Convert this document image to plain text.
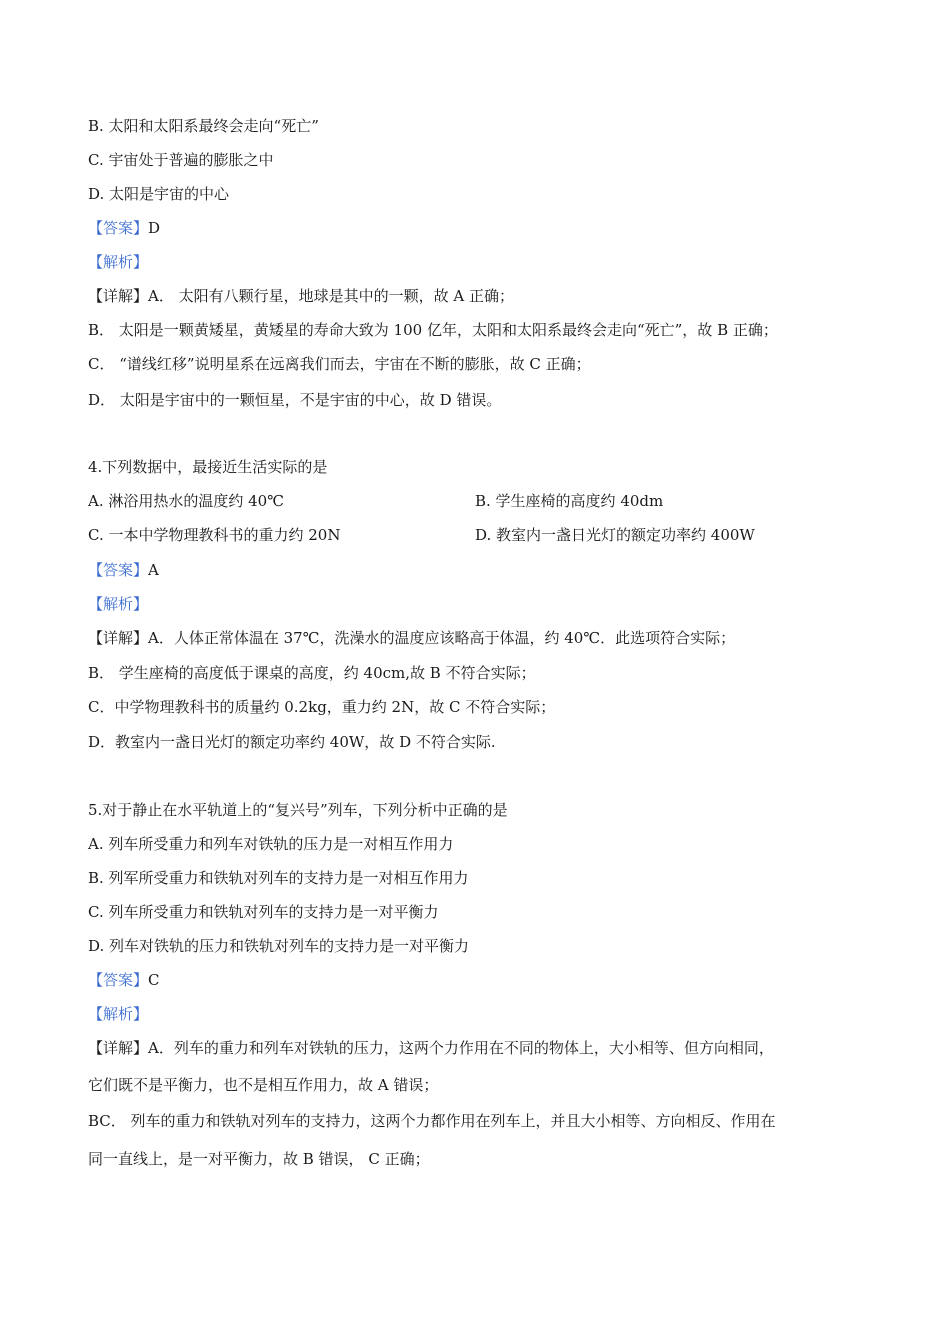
B. 太阳和太阳系最终会走向“死亡”
C. 宇宙处于普遍的膨胀之中
D. 太阳是宇宙的中心
【答案】D
【解析】
【详解】A． 太阳有八颗行星，地球是其中的一颗，故 A 正确；
B． 太阳是一颗黄矮星，黄矮星的寿命大致为 100 亿年，太阳和太阳系最终会走向“死亡”，故 B 正确；
C． “谱线红移”说明星系在远离我们而去，宇宙在不断的膨胀，故 C 正确；
D． 太阳是宇宙中的一颗恒星，不是宇宙的中心，故 D 错误。
4.下列数据中，最接近生活实际的是
A. 淋浴用热水的温度约 40℃	B. 学生座椅的高度约 40dm
C. 一本中学物理教科书的重力约 20N	D. 教室内一盏日光灯的额定功率约 400W
【答案】A
【解析】
【详解】A．人体正常体温在 37℃，洗澡水的温度应该略高于体温，约 40℃．此选项符合实际；
B． 学生座椅的高度低于课桌的高度，约 40cm,故 B 不符合实际；
C．中学物理教科书的质量约 0.2kg，重力约 2N，故 C 不符合实际；
D．教室内一盏日光灯的额定功率约 40W，故 D 不符合实际.
5.对于静止在水平轨道上的“复兴号”列车，下列分析中正确的是
A. 列车所受重力和列车对铁轨的压力是一对相互作用力
B. 列军所受重力和铁轨对列车的支持力是一对相互作用力
C. 列车所受重力和铁轨对列车的支持力是一对平衡力
D. 列车对铁轨的压力和铁轨对列车的支持力是一对平衡力
【答案】C
【解析】
【详解】A．列车的重力和列车对铁轨的压力，这两个力作用在不同的物体上，大小相等、但方向相同，
它们既不是平衡力，也不是相互作用力，故 A 错误；
BC． 列车的重力和铁轨对列车的支持力，这两个力都作用在列车上，并且大小相等、方向相反、作用在
同一直线上，是一对平衡力，故 B 错误， C 正确；
